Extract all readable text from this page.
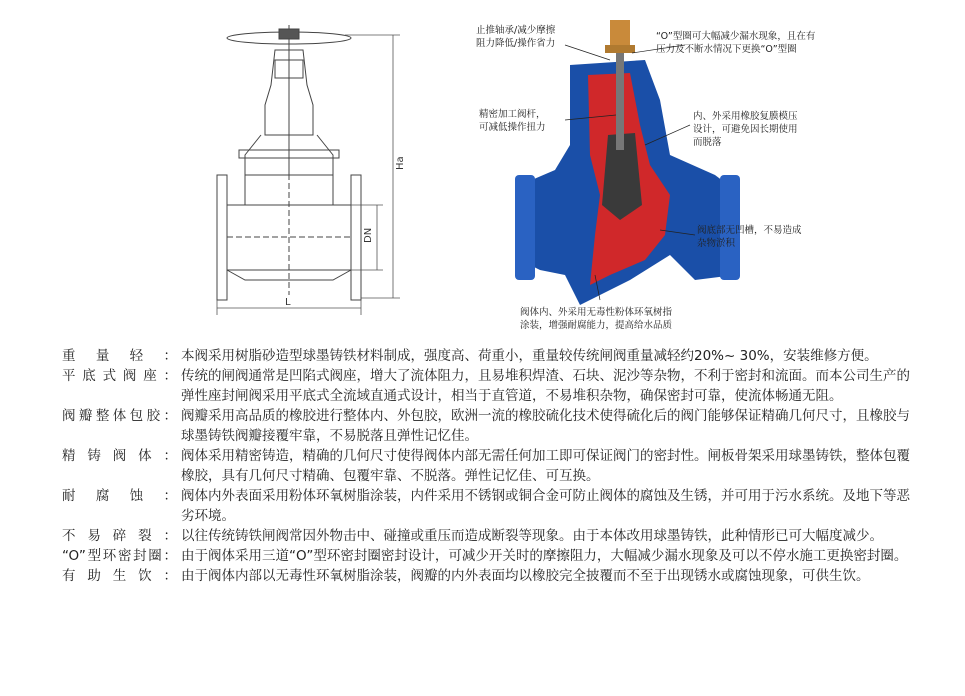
Ha
DN
L
止推轴承/减少摩擦
阻力降低/操作省力
“O”型圈可大幅减少漏水现象，且在有
压力及不断水情况下更换“O”型圈
精密加工阀杆，
可减低操作扭力
内、外采用橡胶复膜模压
设计，可避免因长期使用
而脱落
阀底部无凹槽，不易造成
杂物淤积
阀体内、外采用无毒性粉体环氧树指
涂装，增强耐腐能力，提高给水品质
重量轻： 本阀采用树脂砂造型球墨铸铁材料制成，强度高、荷重小，重量较传统闸阀重量减轻约20%~ 30%，安装维修方便。
平底式阀座： 传统的闸阀通常是凹陷式阀座，增大了流体阻力，且易堆积焊渣、石块、泥沙等杂物，不利于密封和流面。而本公司生产的弹性座封闸阀采用平底式全流域直通式设计，相当于直管道，不易堆积杂物，确保密封可靠，使流体畅通无阻。
阀瓣整体包胶： 阀瓣采用高品质的橡胶进行整体内、外包胶，欧洲一流的橡胶硫化技术使得硫化后的阀门能够保证精确几何尺寸，且橡胶与球墨铸铁阀瓣接覆牢靠，不易脱落且弹性记忆佳。
精铸阀体： 阀体采用精密铸造，精确的几何尺寸使得阀体内部无需任何加工即可保证阀门的密封性。闸板骨架采用球墨铸铁，整体包覆橡胶，具有几何尺寸精确、包覆牢靠、不脱落。弹性记忆佳、可互换。
耐腐蚀： 阀体内外表面采用粉体环氧树脂涂装，内件采用不锈钢或铜合金可防止阀体的腐蚀及生锈，并可用于污水系统。及地下等恶劣环境。
不易碎裂： 以往传统铸铁闸阀常因外物击中、碰撞或重压而造成断裂等现象。由于本体改用球墨铸铁，此种情形已可大幅度减少。
“O”型环密封圈： 由于阀体采用三道“O”型环密封圈密封设计，可减少开关时的摩擦阻力，大幅减少漏水现象及可以不停水施工更换密封圈。
有助生饮： 由于阀体内部以无毒性环氧树脂涂装，阀瓣的内外表面均以橡胶完全披覆而不至于出现锈水或腐蚀现象，可供生饮。
